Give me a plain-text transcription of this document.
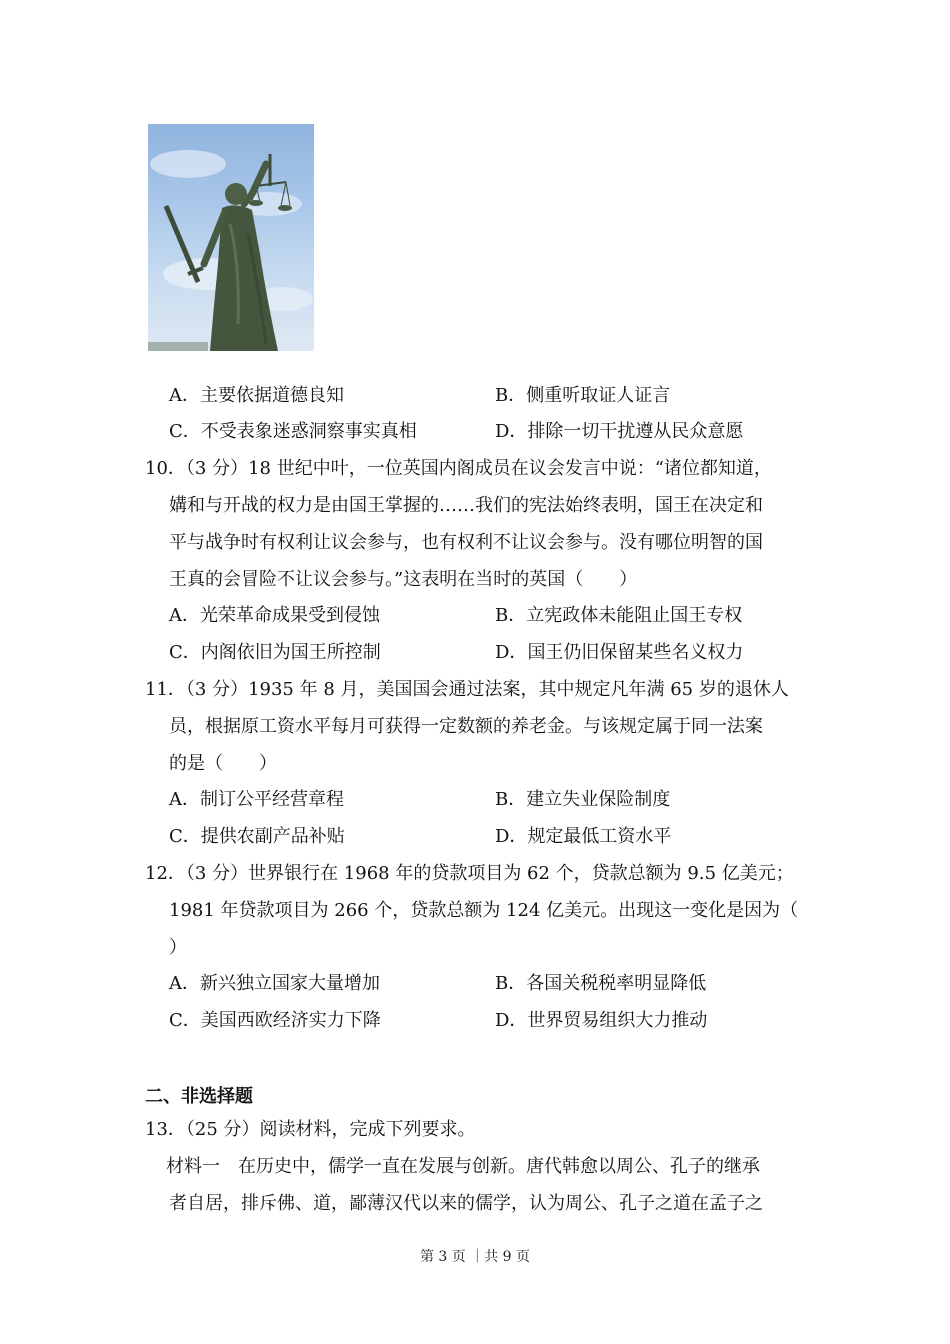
A．主要依据道德良知	B．侧重听取证人证言
C．不受表象迷惑洞察事实真相	D．排除一切干扰遵从民众意愿
10．（3 分）18 世纪中叶，一位英国内阁成员在议会发言中说：“诸位都知道，
媾和与开战的权力是由国王掌握的……我们的宪法始终表明，国王在决定和
平与战争时有权利让议会参与，也有权利不让议会参与。没有哪位明智的国
王真的会冒险不让议会参与。”这表明在当时的英国（　　）
A．光荣革命成果受到侵蚀	B．立宪政体未能阻止国王专权
C．内阁依旧为国王所控制	D．国王仍旧保留某些名义权力
11．（3 分）1935 年 8 月，美国国会通过法案，其中规定凡年满 65 岁的退休人
员，根据原工资水平每月可获得一定数额的养老金。与该规定属于同一法案
的是（　　）
A．制订公平经营章程	B．建立失业保险制度
C．提供农副产品补贴	D．规定最低工资水平
12．（3 分）世界银行在 1968 年的贷款项目为 62 个，贷款总额为 9.5 亿美元；
1981 年贷款项目为 266 个，贷款总额为 124 亿美元。出现这一变化是因为（
）
A．新兴独立国家大量增加	B．各国关税税率明显降低
C．美国西欧经济实力下降	D．世界贸易组织大力推动
二、非选择题
13．（25 分）阅读材料，完成下列要求。
材料一　在历史中，儒学一直在发展与创新。唐代韩愈以周公、孔子的继承
者自居，排斥佛、道，鄙薄汉代以来的儒学，认为周公、孔子之道在孟子之
第 3 页 ｜共 9 页
